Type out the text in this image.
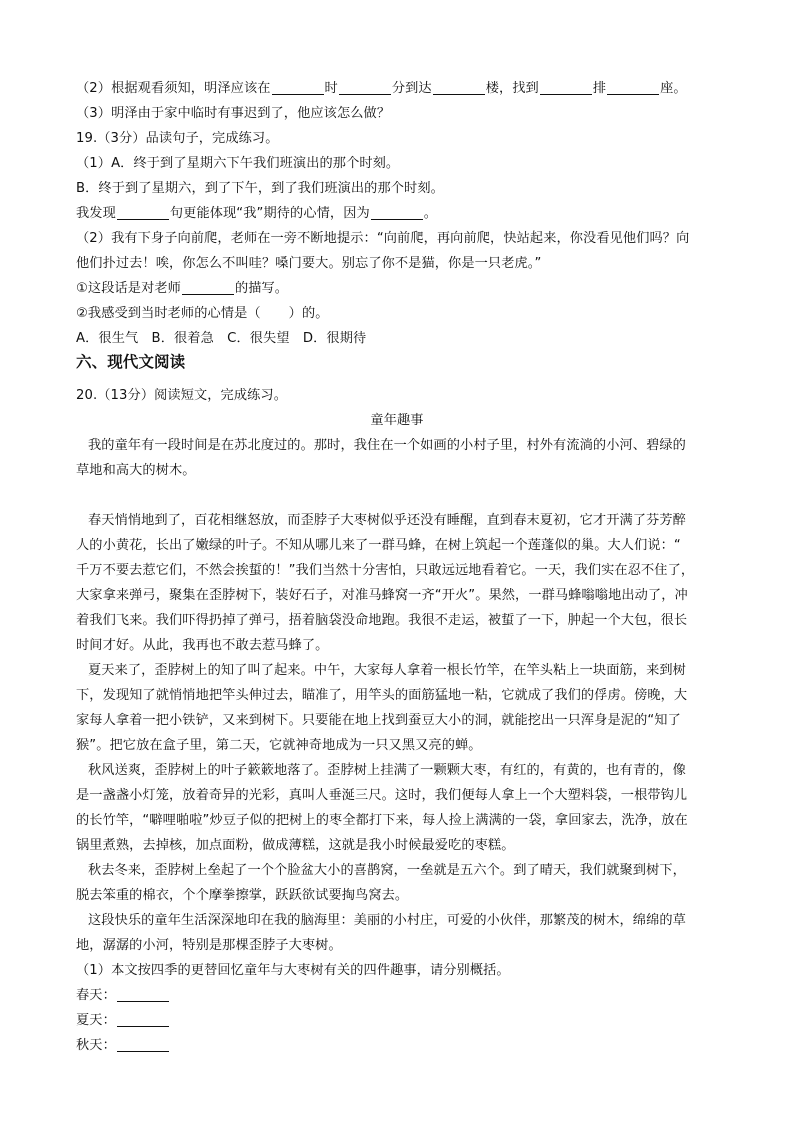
（2）根据观看须知，明泽应该在	时	分到达	楼，找到	排	座。
（3）明泽由于家中临时有事迟到了，他应该怎么做？
19.（3分）品读句子，完成练习。
（1）A．终于到了星期六下午我们班演出的那个时刻。
B．终于到了星期六，到了下午，到了我们班演出的那个时刻。
我发现	句更能体现“我”期待的心情，因为	。
（2）我有下身子向前爬，老师在一旁不断地提示：“向前爬，再向前爬，快站起来，你没看见他们吗？向
他们扑过去！唉，你怎么不叫哇？嗓门要大。别忘了你不是猫，你是一只老虎。”
①这段话是对老师	的描写。
②我感受到当时老师的心情是（ ）的。
A．很生气　B．很着急　C．很失望　D．很期待
六、现代文阅读
20.（13分）阅读短文，完成练习。
童年趣事
我的童年有一段时间是在苏北度过的。那时，我住在一个如画的小村子里，村外有流淌的小河、碧绿的
草地和高大的树木。
春天悄悄地到了，百花相继怒放，而歪脖子大枣树似乎还没有睡醒，直到春末夏初，它才开满了芬芳醉
人的小黄花，长出了嫩绿的叶子。不知从哪儿来了一群马蜂，在树上筑起一个莲蓬似的巢。大人们说：“
千万不要去惹它们，不然会挨蜇的！”我们当然十分害怕，只敢远远地看着它。一天，我们实在忍不住了，
大家拿来弹弓，聚集在歪脖树下，装好石子，对准马蜂窝一齐“开火”。果然，一群马蜂嗡嗡地出动了，冲
着我们飞来。我们吓得扔掉了弹弓，捂着脑袋没命地跑。我很不走运，被蜇了一下，肿起一个大包，很长
时间才好。从此，我再也不敢去惹马蜂了。
夏天来了，歪脖树上的知了叫了起来。中午，大家每人拿着一根长竹竿，在竿头粘上一块面筋，来到树
下，发现知了就悄悄地把竿头伸过去，瞄准了，用竿头的面筋猛地一粘，它就成了我们的俘虏。傍晚，大
家每人拿着一把小铁铲，又来到树下。只要能在地上找到蚕豆大小的洞，就能挖出一只浑身是泥的“知了
猴”。把它放在盒子里，第二天，它就神奇地成为一只又黑又亮的蝉。
秋风送爽，歪脖树上的叶子簌簌地落了。歪脖树上挂满了一颗颗大枣，有红的，有黄的，也有青的，像
是一盏盏小灯笼，放着奇异的光彩，真叫人垂涎三尺。这时，我们便每人拿上一个大塑料袋，一根带钩儿
的长竹竿，“噼哩啪啦”炒豆子似的把树上的枣全都打下来，每人捡上满满的一袋，拿回家去，洗净，放在
锅里煮熟，去掉核，加点面粉，做成薄糕，这就是我小时候最爱吃的枣糕。
秋去冬来，歪脖树上垒起了一个个脸盆大小的喜鹊窝，一垒就是五六个。到了晴天，我们就聚到树下，
脱去笨重的棉衣，个个摩拳擦掌，跃跃欲试要掏鸟窝去。
这段快乐的童年生活深深地印在我的脑海里：美丽的小村庄，可爱的小伙伴，那繁茂的树木，绵绵的草
地，潺潺的小河，特别是那棵歪脖子大枣树。
（1）本文按四季的更替回忆童年与大枣树有关的四件趣事，请分别概括。
春天：
夏天：
秋天：
